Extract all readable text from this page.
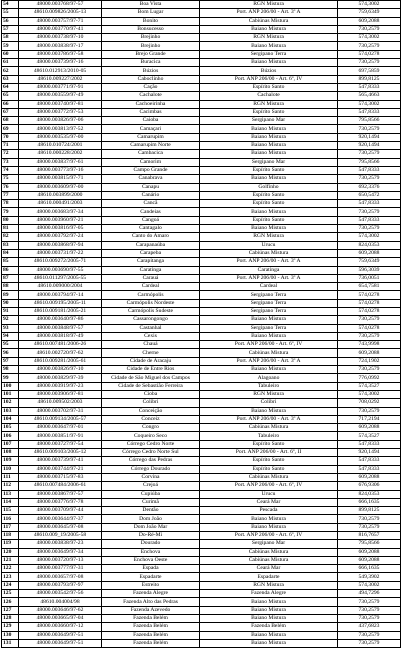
54	48000.003768/97-57	Boa Vista	RGN Mistura	574,3002
55	48610.009826/2005-13	Bom Lugar	Port. ANP 206/00 - Art. 3º A	759,6349
56	48000.003757/97-71	Bonito	Cabiúnas Mistura	609,2088
57	48000.003770/97-41	Bonsucesso	Baiano Mistura	730,2579
58	48000.003738/97-10	Brejinho	RGN Mistura	574,3002
59	48000.003838/97-17	Brejinho	Baiano Mistura	730,2579
60	48000.003786/97-58	Brejo Grande	Sergipano Terra	574,0278
61	48000.003739/97-16	Buracica	Baiano Mistura	730,2579
62	48610.012913/2010-05	Búzios	Búzios	697,5859
63	48610.009227/2002	Caboclinho	Port. ANP 206/00 - Art. 6º, IV	899,8125
64	48000.003771/97-91	Cação	Espírito Santo	547,8333
65	48000.003559/97-49	Cachalote	Cachalote	565,4663
66	48000.003740/97-81	Cachoeirinha	RGN Mistura	574,3002
67	48000.003772/97-53	Cacimbas	Espírito Santo	547,8333
68	48000.003826/97-06	Caioba	Sergipano Mar	795,8566
69	48000.003813/97-52	Camaçari	Baiano Mistura	730,2579
70	48000.003535/97-00	Camarupim	Baiano Mistura	920,1494
71	48610.010724/2001	Camarupim Norte	Baiano Mistura	920,1494
72	48610.000228/2002	Cambacica	Baiano Mistura	730,2579
73	48000.003837/97-61	Camorim	Sergipano Mar	795,8566
74	48000.003773/97-16	Campo Grande	Espírito Santo	547,8333
75	48000.003815/97-71	Canabrava	Baiano Mistura	730,2579
76	48000.003609/97-00	Canapu	Golfinho	692,3376
77	48610.003899/2000	Canário	Espírito Santo	650,5472
78	48610.000491/2003	Cancã	Espírito Santo	547,8333
79	48000.003683/97-34	Candeias	Baiano Mistura	730,2579
80	48000.003960/97-21	Cangoá	Espírito Santo	547,8333
81	48000.003816/97-05	Cantagalo	Baiano Mistura	730,2579
82	48000.003792/97-24	Canto do Amaro	RGN Mistura	574,3002
83	48000.003868/97-94	Carapanaúba	Urucu	824,0353
84	48000.003731/97-22	Carapeba	Cabiúnas Mistura	609,2088
85	48610.009272/2005-71	Carapitanga	Port. ANP 206/00 - Art. 3º A	759,6349
86	48000.003690/97-55	Caratinga	Caratinga	596,3039
87	48610.011297/2005-55	Carauá	Port. ANP 206/00 - Art. 3º A	736,0051
88	48610.009000/2004	Cardeal	Cardeal	654,7581
89	48000.003794/97-14	Carmópolis	Sergipano Terra	574,0278
90	48610.009195/2005-11	Carmópolis Nordeste	Sergipano Terra	574,0278
91	48610.009181/2005-21	Carmópolis Sudeste	Sergipano Terra	574,0278
92	48000.003640/97-86	Cassarongongo	Baiano Mistura	730,2579
93	48000.003848/97-57	Castanhal	Sergipano Terra	574,0278
94	48000.003818/97-49	Cexis	Baiano Mistura	730,2579
95	48610.007481/2006-26	Chauá	Port. ANP 206/00 - Art. 6º, IV	743,9998
96	48610.002720/97-62	Cherne	Cabiúnas Mistura	609,2088
97	48610.009281/2005-61	Cidade de Aracaju	Port. ANP 206/00 - Art. 3º A	724,1902
98	48000.003826/97-10	Cidade de Entre Rios	Baiano Mistura	730,2579
99	48000.003829/97-39	Cidade de São Miguel dos Campos	Alagoano	776,0992
100	48000.003919/97-23	Cidade de Sebastião Ferreira	Tabuleiro	574,3527
101	48000.003906/97-81	Cioba	RGN Mistura	574,3002
102	48610.009502/2003	Colibri	Colibri	708,0292
103	48000.003702/97-31	Conceição	Baiano Mistura	730,2579
104	48610.009134/2005-57	Conceiz	Port. ANP 206/00 - Art. 3º A	717,2194
105	48000.003647/97-01	Congro	Cabiúnas Mistura	609,2088
106	48000.003851/97-91	Coqueiro Seco	Tabuleiro	574,3527
107	48000.003727/97-54	Córrego Cedro Norte	Espírito Santo	547,8333
108	48610.009103/2005-12	Córrego Cedro Norte Sul	Port. ANP 206/00 - Art. 6º, II	920,1494
109	48000.003739/97-41	Córrego das Pedras	Espírito Santo	547,8333
110	48000.003744/97-21	Córrego Dourado	Espírito Santo	547,8333
111	48000.003715/97-83	Corvina	Cabiúnas Mistura	609,2088
112	48610.007484/2006-61	Crejoá	Port. ANP 206/00 - Art. 6º, IV	676,9306
113	48000.003867/97-57	Cupiúba	Urucu	824,0353
114	48000.003776/97-78	Curimã	Ceará Mar	666,1635
115	48000.003709/97-44	Dentão	Pescada	899,8125
116	48000.003644/97-37	Dom João	Baiano Mistura	730,2579
117	48000.003645/97-08	Dom João Mar	Baiano Mistura	730,2579
118	48610.009_19/2005-58	Do-Ré-Mi	Port. ANP 206/00 - Art. 6º, IV	816,7657
119	48000.003838/97-23	Dourado	Sergipano Mar	795,8566
120	48000.003649/97-34	Enchova	Cabiúnas Mistura	609,2088
121	48000.003720/97-13	Enchova Oeste	Cabiúnas Mistura	609,2088
122	48000.003777/97-31	Espada	Ceará Mar	666,1635
123	48000.003657/97-08	Espadarte	Espadarte	549,3902
124	48000.003793/97-97	Estreito	RGN Mistura	574,3002
125	48000.003542/97-56	Fazenda Alegre	Fazenda Alegre	494,7296
126	48610.004004/98	Fazenda Alto das Pedras	Baiano Mistura	730,2579
127	48000.003646/97-62	Fazenda Azevedo	Baiano Mistura	730,2579
128	48000.003665/97-04	Fazenda Belém	Baiano Mistura	730,2579
129	48000.003660/97-12	Fazenda Belém	Fazenda Belém	437,6823
130	48000.003649/97-51	Fazenda Belém	Baiano Mistura	730,2579
131	48000.003649/97-51	Fazenda Belém	Baiano Mistura	730,2579
